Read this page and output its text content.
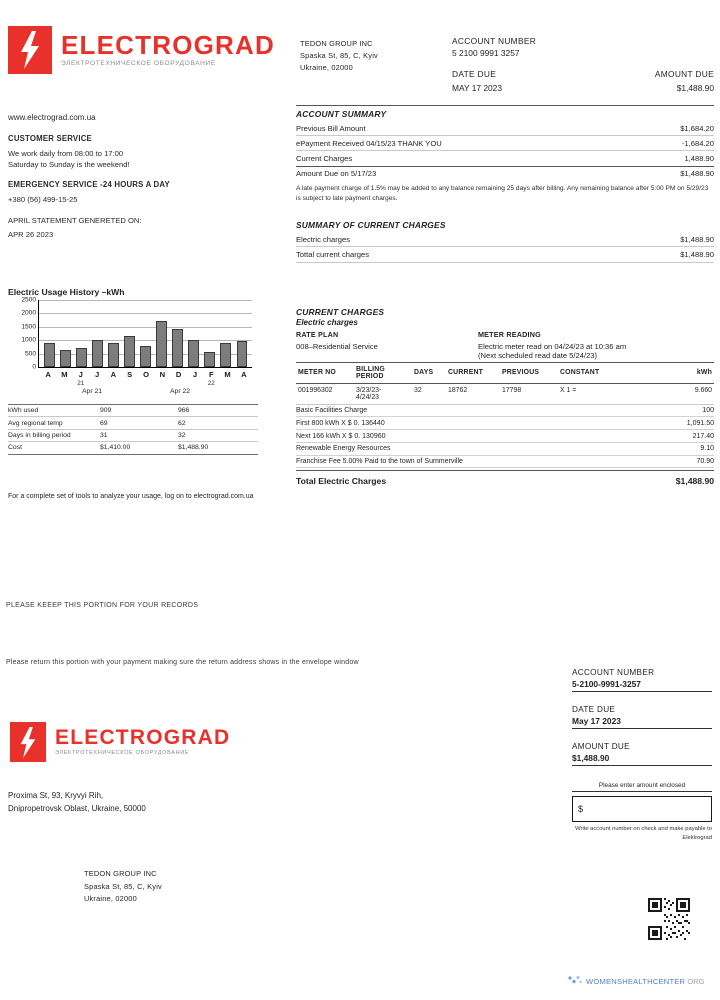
ELECTROGRAD
ЭЛЕКТРОТЕХНИЧЕСКОЕ ОБОРУДОВАНИЕ
TEDON GROUP INC
Spaska St, 85, C, Kyiv
Ukraine, 02000
ACCOUNT NUMBER
5 2100 9991 3257
DATE DUE	AMOUNT DUE
MAY 17 2023	$1,488.90

www.electrograd.com.ua

CUSTOMER SERVICE

We work daily from 08:00 to 17:00

Saturday to Sunday is the weekend!

EMERGENCY SERVICE -24 HOURS A DAY

+380 (56) 499-15-25

APRIL STATEMENT GENERETED ON:

APR 26 2023

Electric Usage History –kWh
2500
2000
1500
1000
500
0
A	M	J	J	A	S	O	N	D	J	F	M	A
21	22
Apr 21	Apr 22
kWh used	909	966
Avg regional temp	69	62
Days in billing period	31	32
Cost	$1,410.00	$1,488.90
For a complete set of tools to analyze your usage, log on to electrograd.com.ua
PLEASE KEEEP THIS PORTION FOR YOUR RECORDS
Please return this portion with your payment making sure the return address shows in the envelope window
ACCOUNT SUMMARY
Previous Bill Amount	$1,684.20
ePayment Received 04/15/23 THANK YOU	-1,684.20
Current Charges	1,488.90
Amount Due on 5/17/23	$1,488.90
A late payment charge of 1.5% may be added to any balance remaining 25 days after billing. Any remaining balance after 5:00 PM on 5/29/23 is subject to late payment charges.
SUMMARY OF CURRENT CHARGES
Electric charges	$1,488.90
Tottal current charges	$1,488.90
CURRENT CHARGES
Electric charges
RATE PLAN
008–Residential Service
METER READING
Electric meter read on 04/24/23 at 10:36 am
(Next scheduled read date 5/24/23)
METER NO	BILLING PERIOD	DAYS	CURRENT	PREVIOUS	CONSTANT	kWh
001996302	3/23/23-
4/24/23	32	18762	17798	X 1 =	9.660
Basic Facilities Charge	100
First 800 kWh X $ 0. 136440	1,091.50
Next 166 kWh X $ 0. 130960	217.40
Renewable Energy Resources	9.10
Franchise Fee 5.00% Paid to the town of Summerville	70.90
Total Electric Charges	$1,488.90
ELECTROGRAD
ЭЛЕКТРОТЕХНИЧЕСКОЕ ОБОРУДОВАНИЕ
Proxima St, 93, Kryvyi Rih,
Dnipropetrovsk Oblast, Ukraine, 50000
TEDON GROUP INC
Spaska St, 85, C, Kyiv
Ukraine, 02000
ACCOUNT NUMBER
5-2100-9991-3257
DATE DUE
May 17 2023
AMOUNT DUE
$1,488.90
Please enter amount enclosed
$
Write account number on check and make payable to Elektrograd
WOMENSHEALTHCENTER ORG
